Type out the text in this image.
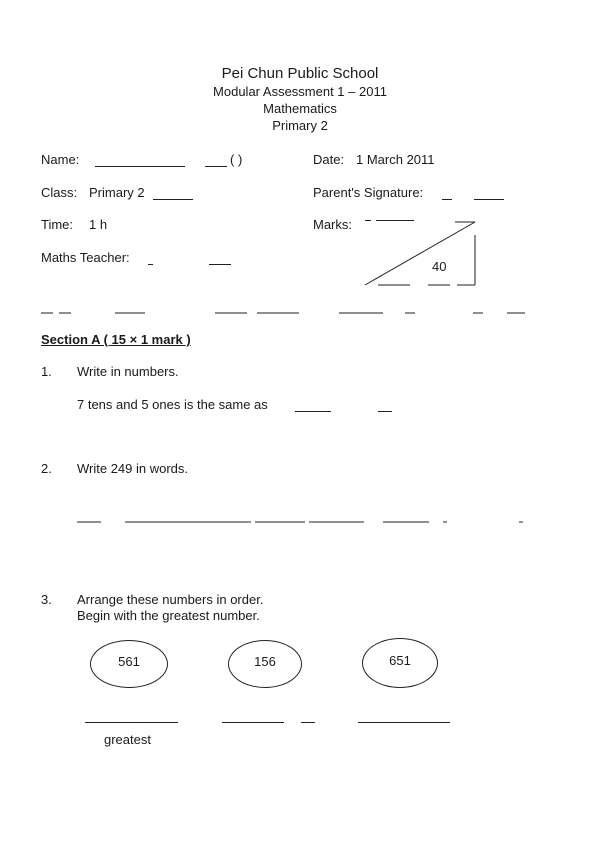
Pei Chun Public School
Modular Assessment 1 – 2011
Mathematics
Primary 2
Name:	( )	Date: 1 March 2011
Class: Primary 2	Parent's Signature:
Time: 1 h	Marks:
Maths Teacher:
40
Section A ( 15 × 1 mark )
1. Write in numbers.
7 tens and 5 ones is the same as
2. Write 249 in words.
3. Arrange these numbers in order.
Begin with the greatest number.
561	156	651
greatest
